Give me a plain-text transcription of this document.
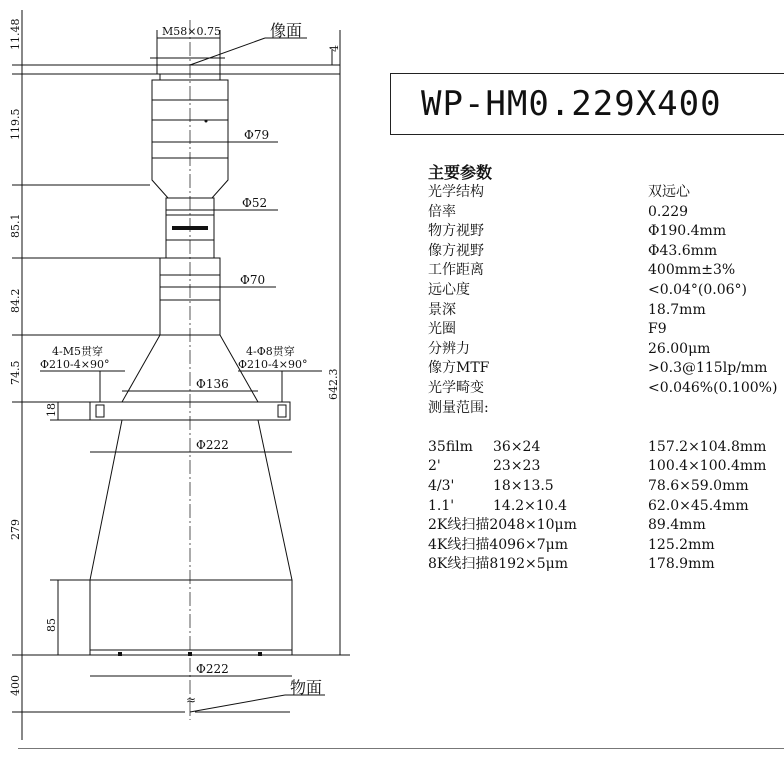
M58×0.75	像面
4
Φ79
Φ52
Φ70
Φ136
Φ222
Φ222
4-M5贯穿
Φ210-4×90°
4-Φ8贯穿
Φ210-4×90°
≈
物面
11.48
119.5
85.1
84.2
74.5
18
279
85
400
642.3
WP-HM0.229X400
主要参数
光学结构	双远心
倍率	0.229
物方视野	Φ190.4mm
像方视野	Φ43.6mm
工作距离	400mm±3%
远心度	<0.04°(0.06°)
景深	18.7mm
光圈	F9
分辨力	26.00μm
像方MTF	>0.3@115lp/mm
光学畸变	<0.046%(0.100%)
测量范围:
35film	36×24	157.2×104.8mm
2'	23×23	100.4×100.4mm
4/3'	18×13.5	78.6×59.0mm
1.1'	14.2×10.4	62.0×45.4mm
2K线扫描2048×10μm	89.4mm
4K线扫描4096×7μm	125.2mm
8K线扫描8192×5μm	178.9mm
